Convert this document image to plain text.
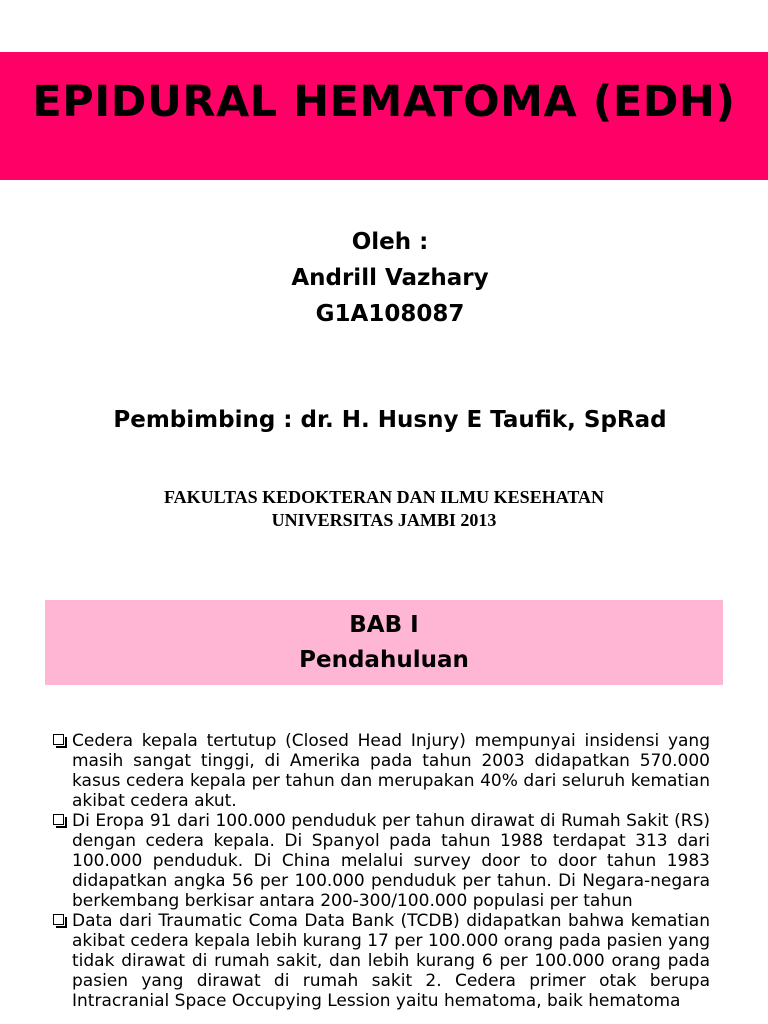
EPIDURAL HEMATOMA (EDH)
Oleh :
Andrill Vazhary
G1A108087
Pembimbing : dr. H. Husny E Taufik, SpRad
FAKULTAS KEDOKTERAN DAN ILMU KESEHATAN
UNIVERSITAS JAMBI 2013
BAB I
Pendahuluan
Cedera kepala tertutup (Closed Head Injury) mempunyai insidensi yang masih sangat tinggi, di Amerika pada tahun 2003 didapatkan 570.000 kasus cedera kepala per tahun dan merupakan 40% dari seluruh kematian akibat cedera akut.
Di Eropa 91 dari 100.000 penduduk per tahun dirawat di Rumah Sakit (RS) dengan cedera kepala. Di Spanyol pada tahun 1988 terdapat 313 dari 100.000 penduduk. Di China melalui survey door to door tahun 1983 didapatkan angka 56 per 100.000 penduduk per tahun. Di Negara-negara berkembang berkisar antara 200-300/100.000 populasi per tahun
Data dari Traumatic Coma Data Bank (TCDB) didapatkan bahwa kematian akibat cedera kepala lebih kurang 17 per 100.000 orang pada pasien yang tidak dirawat di rumah sakit, dan lebih kurang 6 per 100.000 orang pada pasien yang dirawat di rumah sakit 2. Cedera primer otak berupa Intracranial Space Occupying Lession yaitu hematoma, baik hematoma
